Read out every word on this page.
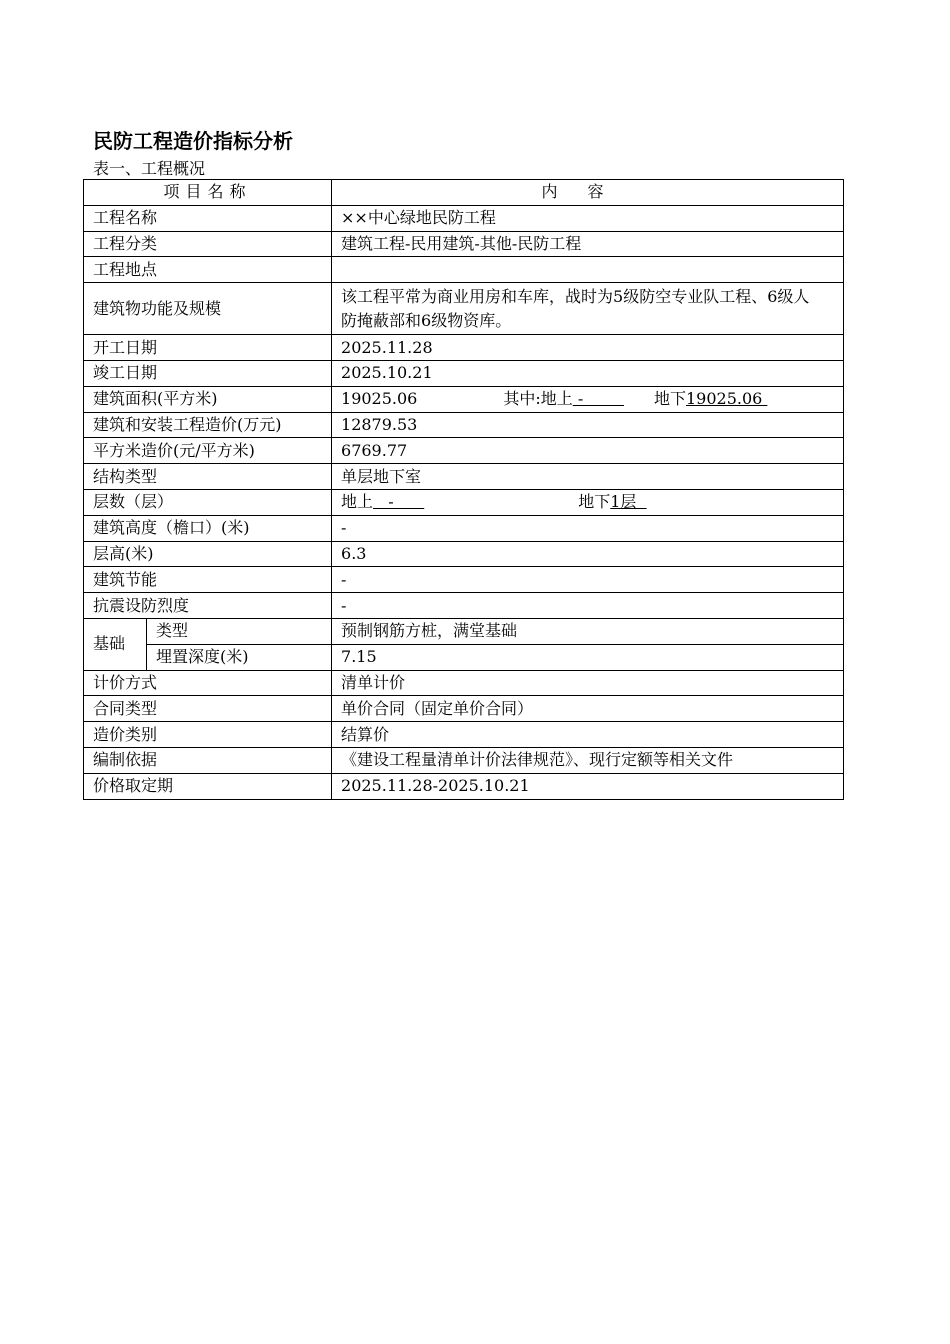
民防工程造价指标分析
表一、工程概况
项目名称		内容
工程名称		××中心绿地民防工程
工程分类		建筑工程-民用建筑-其他-民防工程
工程地点		
建筑物功能及规模		该工程平常为商业用房和车库，战时为5级防空专业队工程、6级人防掩蔽部和6级物资库。
开工日期		2025.11.28
竣工日期		2025.10.21
建筑面积(平方米)		19025.06 其中:地上 -        地下19025.06
建筑和安装工程造价(万元)		12879.53
平方米造价(元/平方米)		6769.77
结构类型		单层地下室
层数（层）		地上   - 地下1层
建筑高度（檐口）(米)		-
层高(米)		6.3
建筑节能		-
抗震设防烈度		-
基础	类型	预制钢筋方桩，满堂基础
	埋置深度(米)	7.15
计价方式		清单计价
合同类型		单价合同（固定单价合同）
造价类别		结算价
编制依据		《建设工程量清单计价法律规范》、现行定额等相关文件
价格取定期		2025.11.28-2025.10.21
